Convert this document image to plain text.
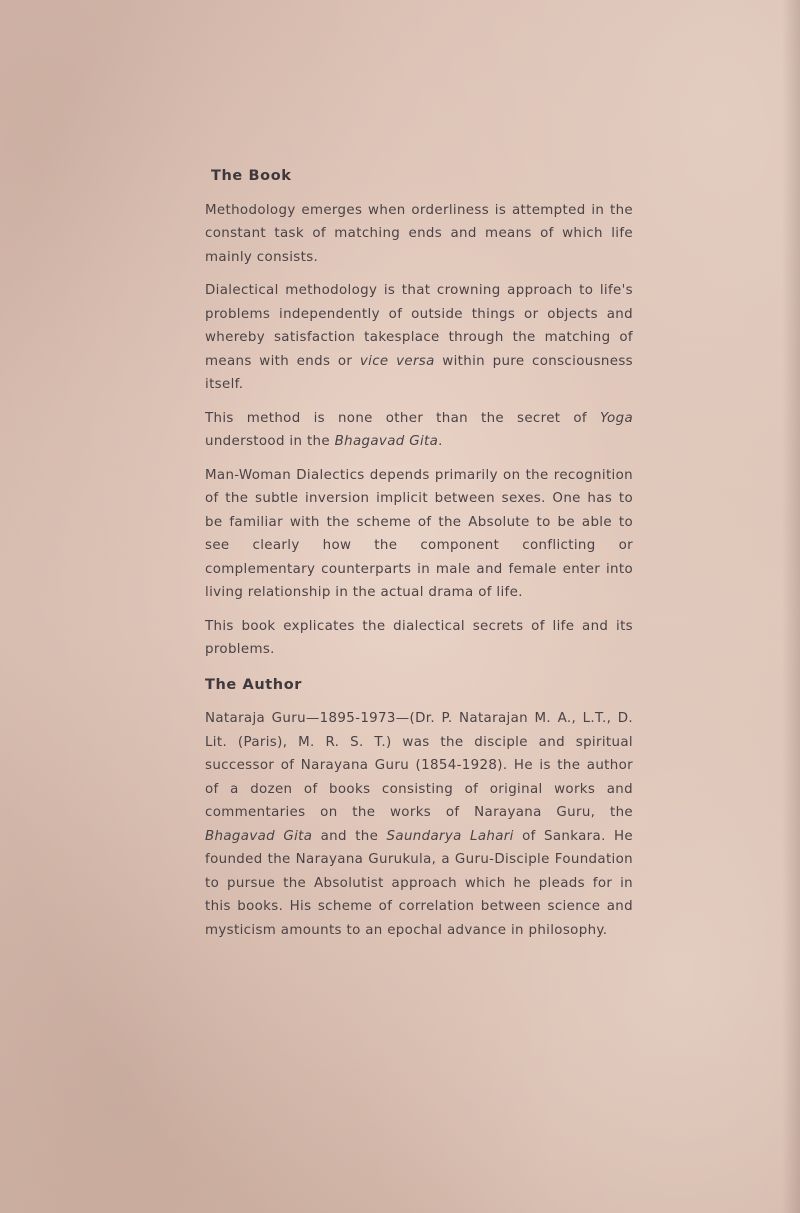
The Book

Methodology emerges when orderliness is attempted in the constant task of matching ends and means of which life mainly consists.

Dialectical methodology is that crowning approach to life's problems independently of outside things or objects and whereby satisfaction takesplace through the matching of means with ends or vice versa within pure consciousness itself.

This method is none other than the secret of Yoga understood in the Bhagavad Gita.

Man-Woman Dialectics depends primarily on the recognition of the subtle inversion implicit between sexes. One has to be familiar with the scheme of the Absolute to be able to see clearly how the component conflicting or complementary counterparts in male and female enter into living relationship in the actual drama of life.

This book explicates the dialectical secrets of life and its problems.

The Author

Nataraja Guru—1895-1973—(Dr. P. Natarajan M. A., L.T., D. Lit. (Paris), M. R. S. T.) was the disciple and spiritual successor of Narayana Guru (1854-1928). He is the author of a dozen of books consisting of original works and commentaries on the works of Narayana Guru, the Bhagavad Gita and the Saundarya Lahari of Sankara. He founded the Narayana Gurukula, a Guru-Disciple Foundation to pursue the Absolutist approach which he pleads for in this books. His scheme of correlation between science and mysticism amounts to an epochal advance in philosophy.
